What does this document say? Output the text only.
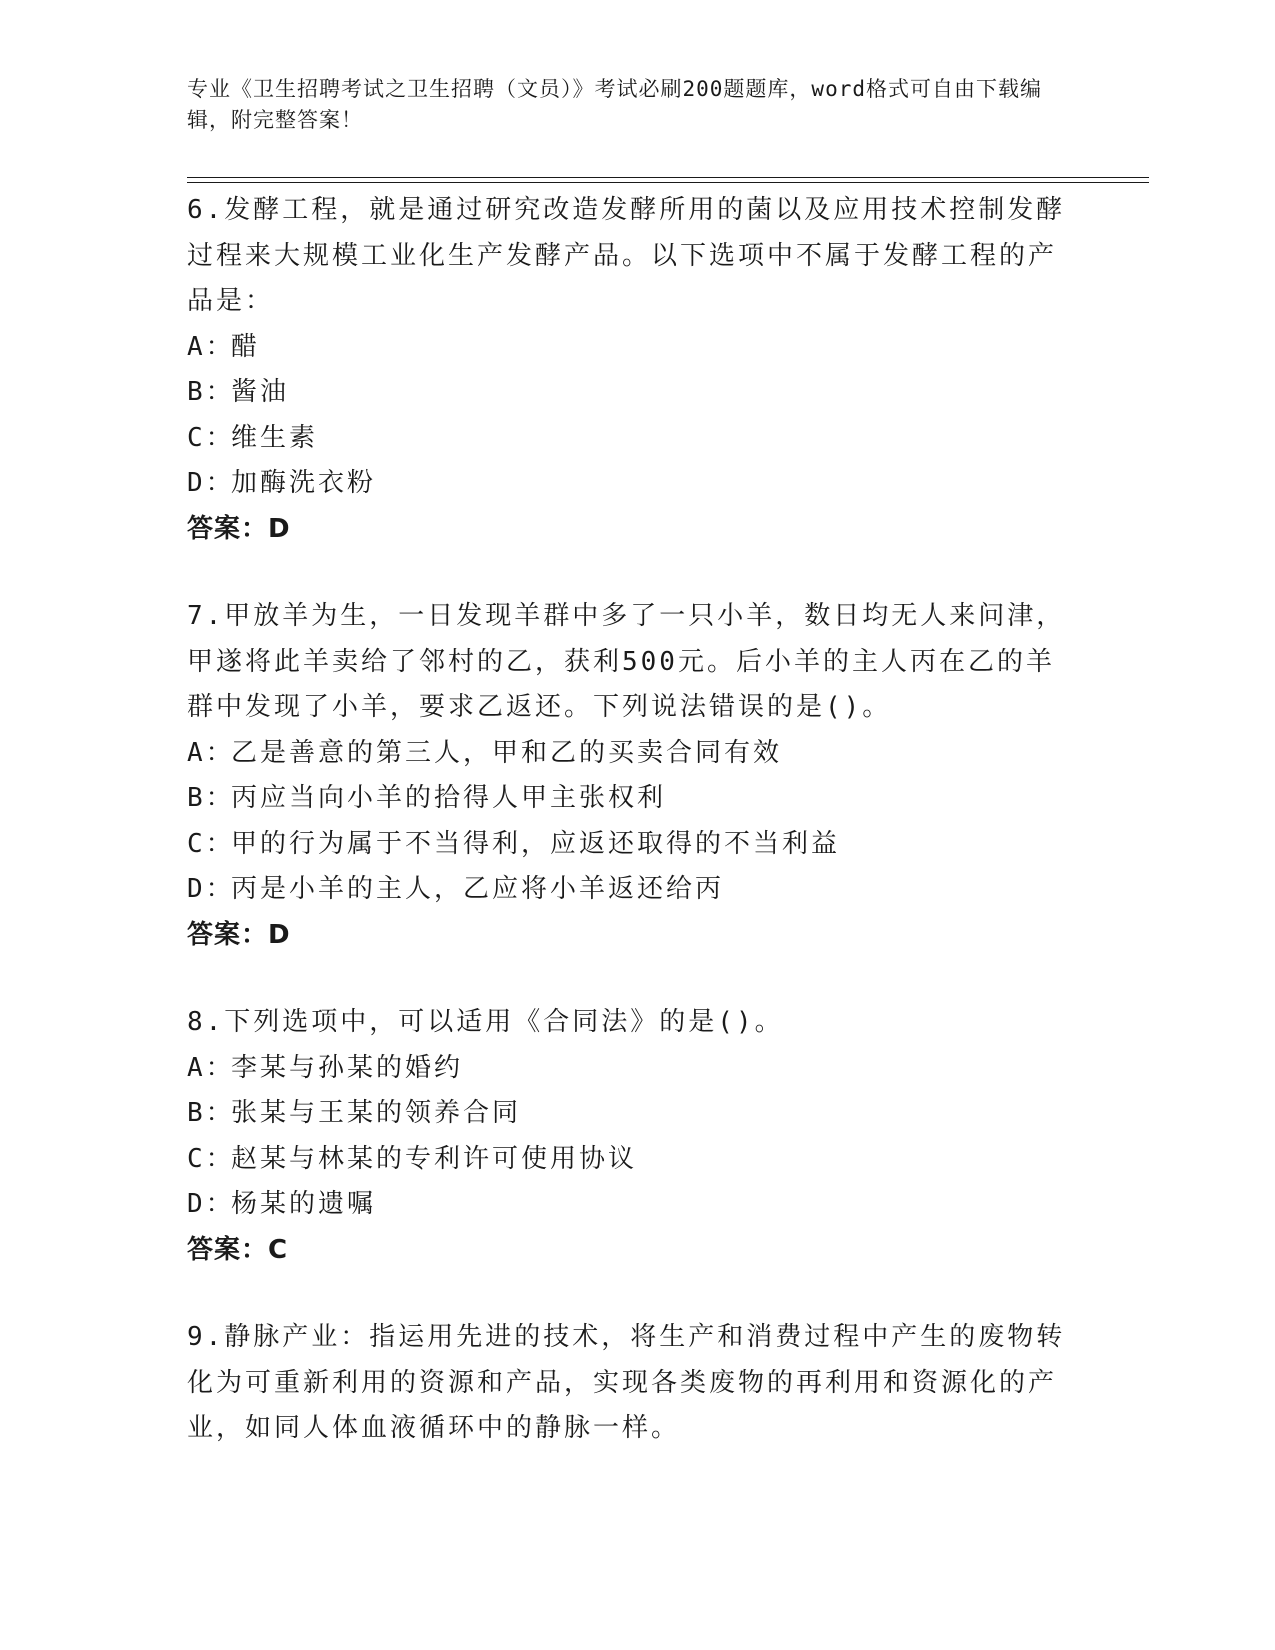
专业《卫生招聘考试之卫生招聘（文员）》考试必刷200题题库，word格式可自由下载编辑，附完整答案！

6.发酵工程，就是通过研究改造发酵所用的菌以及应用技术控制发酵过程来大规模工业化生产发酵产品。以下选项中不属于发酵工程的产品是：

A：醋

B：酱油

C：维生素

D：加酶洗衣粉

答案：D

7.甲放羊为生，一日发现羊群中多了一只小羊，数日均无人来问津，甲遂将此羊卖给了邻村的乙，获利500元。后小羊的主人丙在乙的羊群中发现了小羊，要求乙返还。下列说法错误的是()。

A：乙是善意的第三人，甲和乙的买卖合同有效

B：丙应当向小羊的拾得人甲主张权利

C：甲的行为属于不当得利，应返还取得的不当利益

D：丙是小羊的主人，乙应将小羊返还给丙

答案：D

8.下列选项中，可以适用《合同法》的是()。

A：李某与孙某的婚约

B：张某与王某的领养合同

C：赵某与林某的专利许可使用协议

D：杨某的遗嘱

答案：C

9.静脉产业：指运用先进的技术，将生产和消费过程中产生的废物转化为可重新利用的资源和产品，实现各类废物的再利用和资源化的产业，如同人体血液循环中的静脉一样。
